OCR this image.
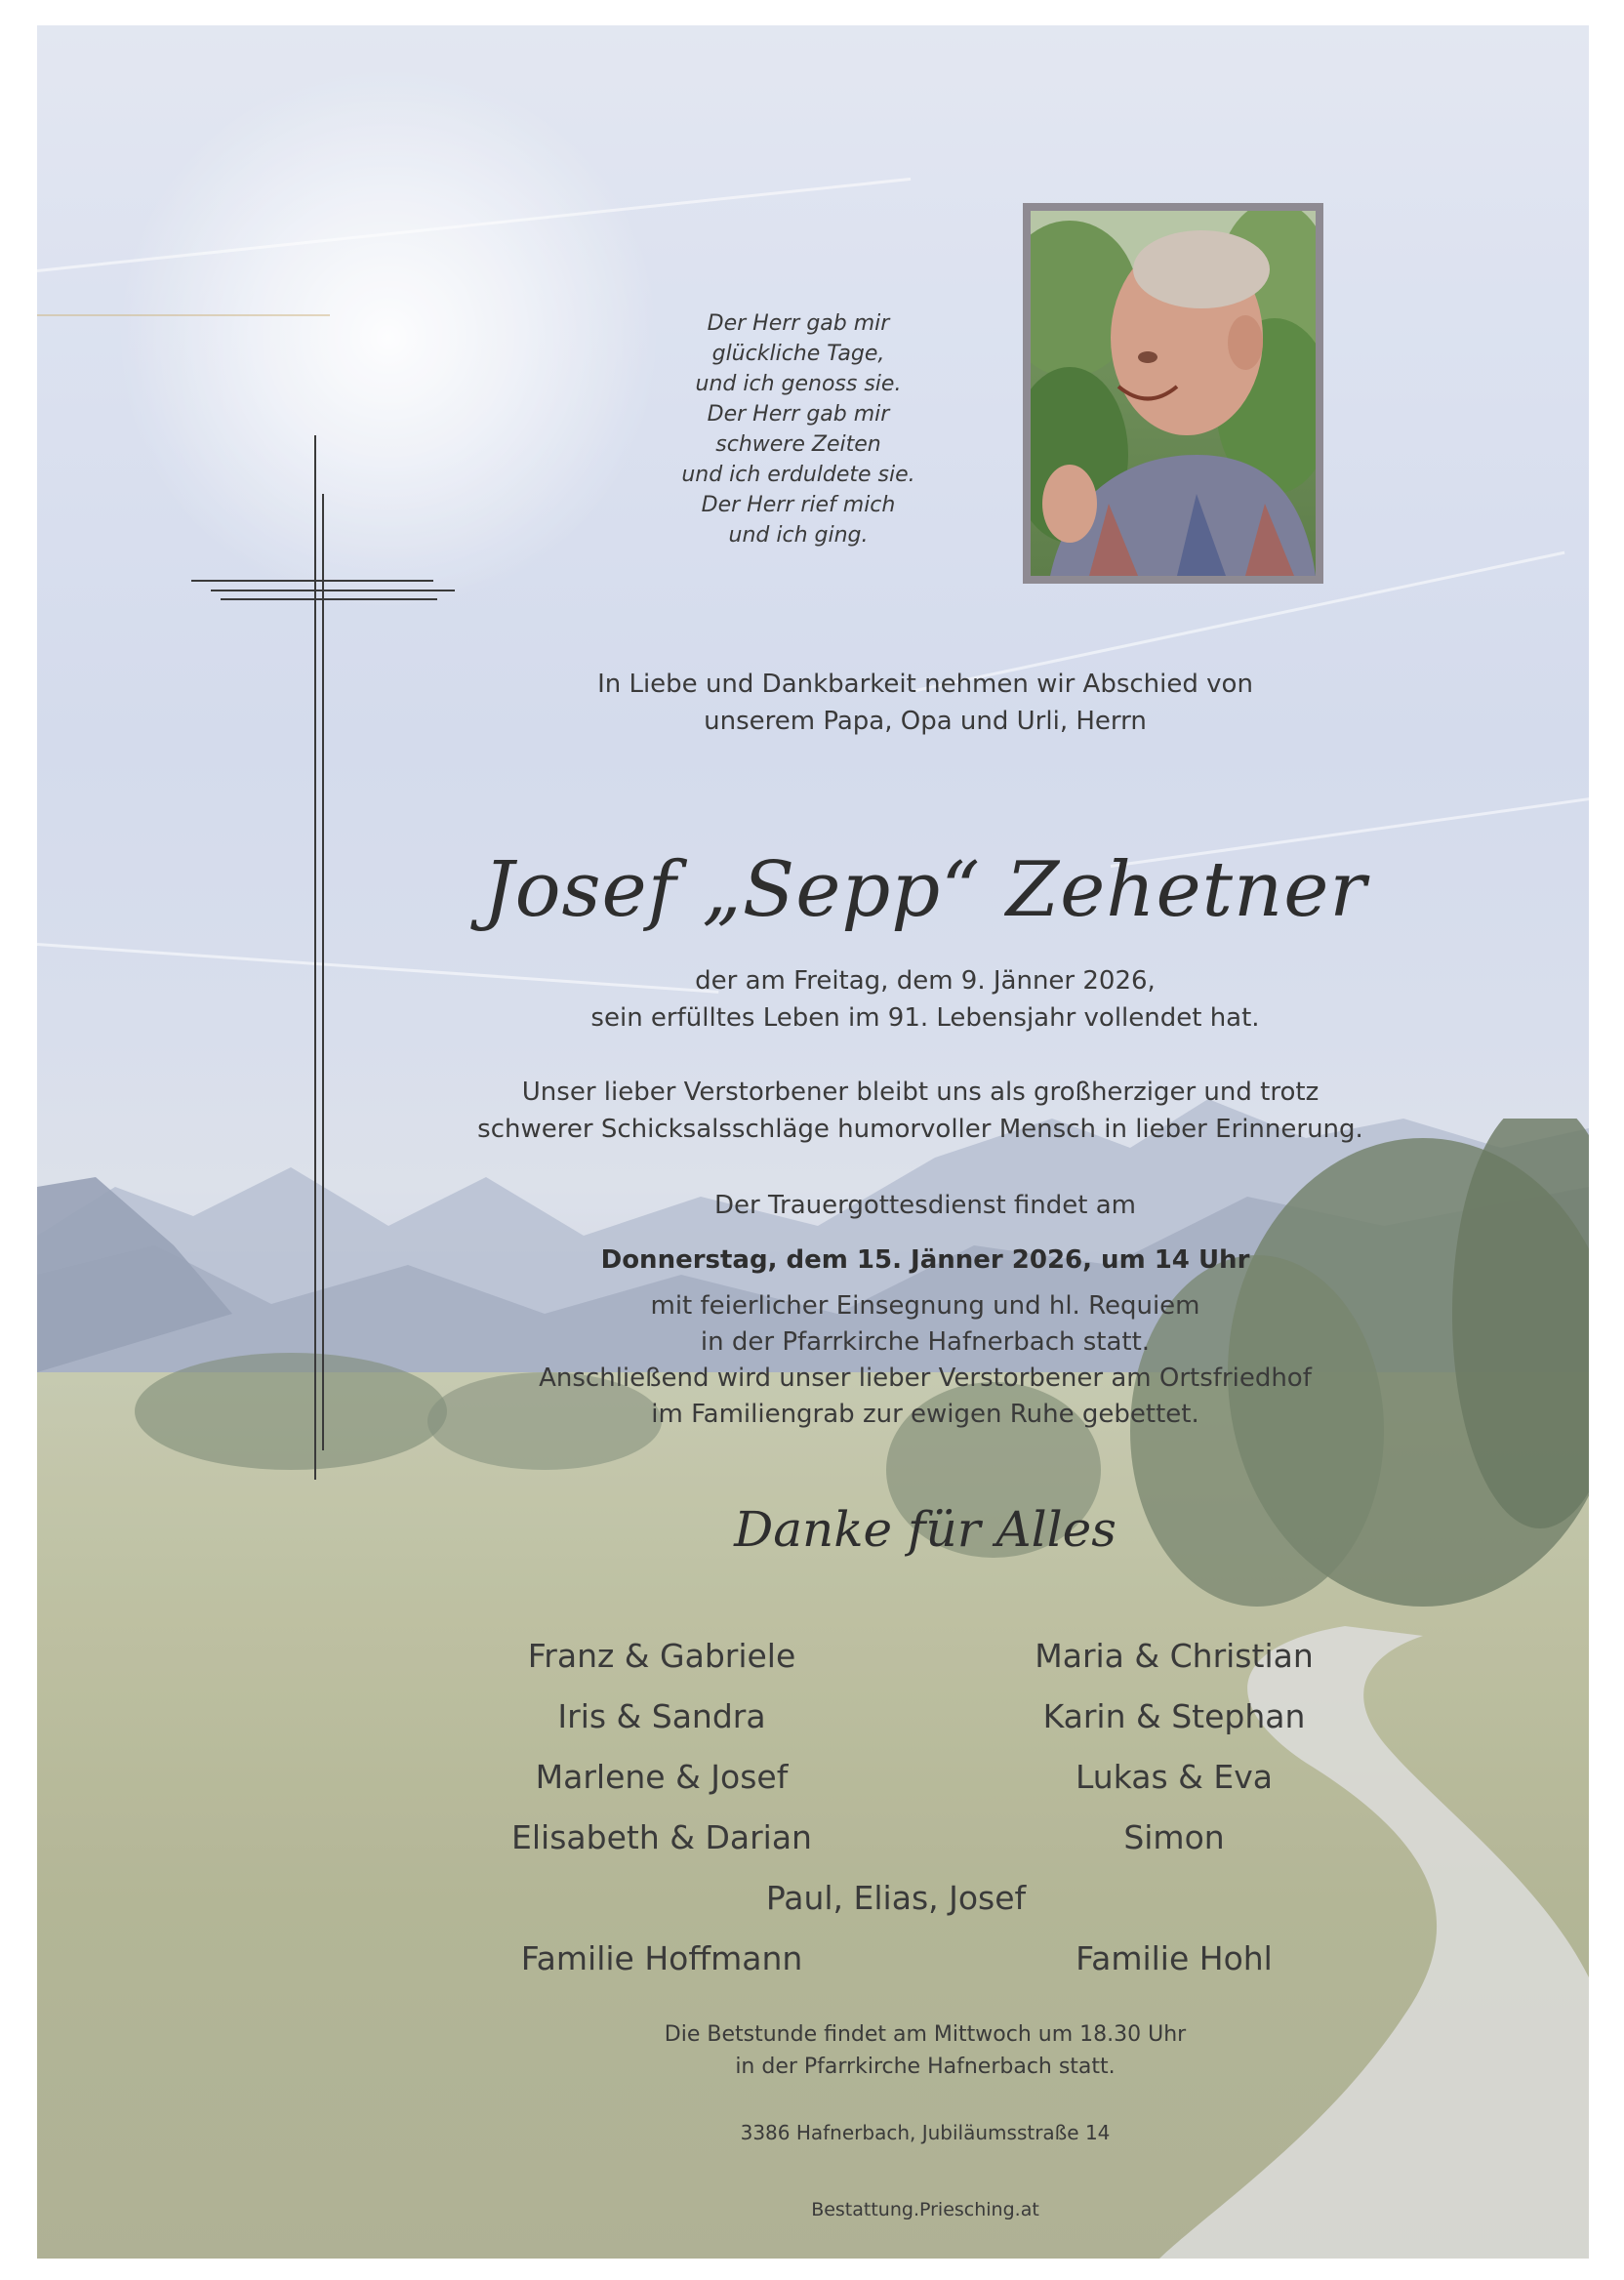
Der Herr gab mir
glückliche Tage,
und ich genoss sie.
Der Herr gab mir
schwere Zeiten
und ich erduldete sie.
Der Herr rief mich
und ich ging.
In Liebe und Dankbarkeit nehmen wir Abschied von
unserem Papa, Opa und Urli, Herrn
Josef „Sepp“ Zehetner
der am Freitag, dem 9. Jänner 2026,
sein erfülltes Leben im 91. Lebensjahr vollendet hat.
Unser lieber Verstorbener bleibt uns als großherziger und trotz
schwerer Schicksalsschläge humorvoller Mensch in lieber Erinnerung.
Der Trauergottesdienst findet am
Donnerstag, dem 15. Jänner 2026, um 14 Uhr
mit feierlicher Einsegnung und hl. Requiem
in der Pfarrkirche Hafnerbach statt.
Anschließend wird unser lieber Verstorbener am Ortsfriedhof
im Familiengrab zur ewigen Ruhe gebettet.
Danke für Alles
Franz & Gabriele	Maria & Christian
Iris & Sandra	Karin & Stephan
Marlene & Josef	Lukas & Eva
Elisabeth & Darian	Simon
Paul, Elias, Josef
Familie Hoffmann	Familie Hohl
Die Betstunde findet am Mittwoch um 18.30 Uhr
in der Pfarrkirche Hafnerbach statt.
3386 Hafnerbach, Jubiläumsstraße 14
Bestattung.Priesching.at
